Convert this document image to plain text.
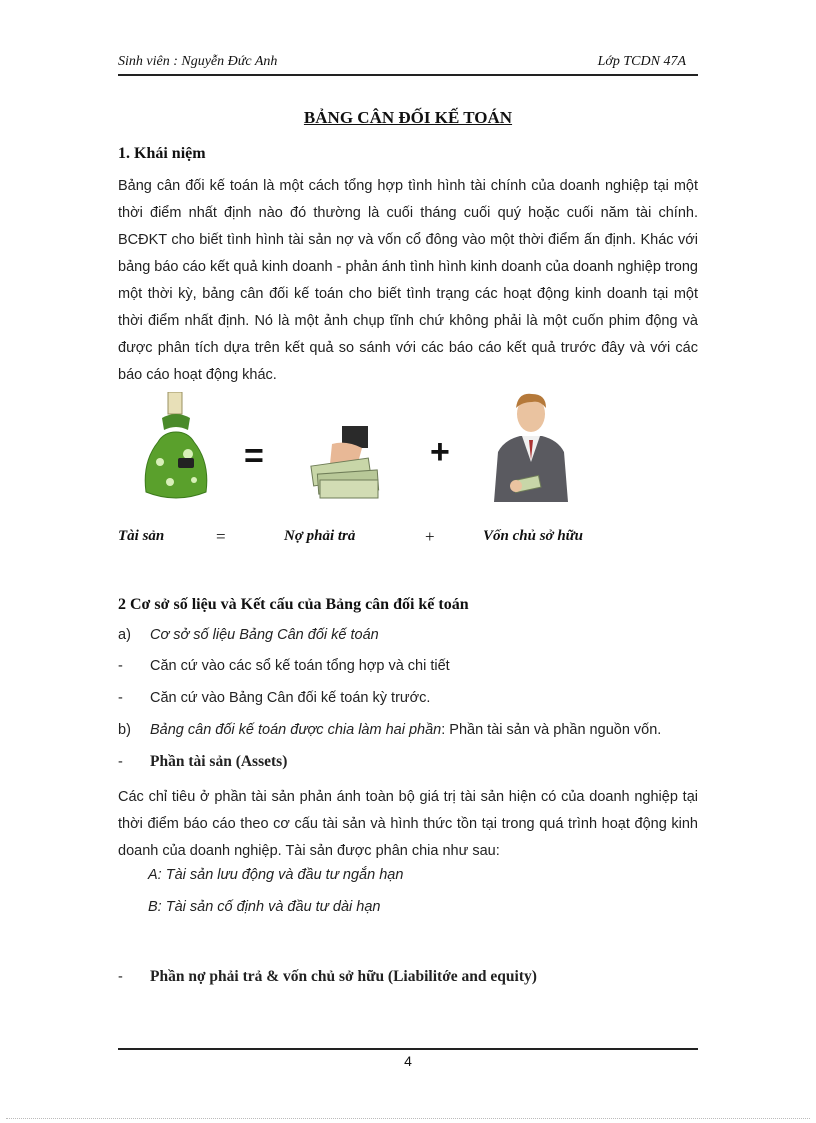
Sinh viên : Nguyễn Đức Anh	Lớp TCDN 47A
BẢNG CÂN ĐỐI KẾ TOÁN
1. Khái niệm
Bảng cân đối kế toán là một cách tổng hợp tình hình tài chính của doanh nghiệp tại một thời điểm nhất định nào đó thường là cuối tháng cuối quý hoặc cuối năm tài chính. BCĐKT cho biết tình hình tài sản nợ và vốn cổ đông vào một thời điểm ấn định. Khác với bảng báo cáo kết quả kinh doanh - phản ánh tình hình kinh doanh của doanh nghiệp trong một thời kỳ, bảng cân đối kế toán cho biết tình trạng các hoạt động kinh doanh tại một thời điểm nhất định. Nó là một ảnh chụp tĩnh chứ không phải là một cuốn phim động và được phân tích dựa trên kết quả so sánh với các báo cáo kết quả trước đây và với các báo cáo hoạt động khác.
=	+
Tài sản	=	Nợ phải trả	+	Vốn chủ sở hữu
2 Cơ sở số liệu và Kết cấu của Bảng cân đối kế toán
a) Cơ sở số liệu Bảng Cân đối kế toán
- Căn cứ vào các sổ kế toán tổng hợp và chi tiết
- Căn cứ vào Bảng Cân đối kế toán kỳ trước.
b) Bảng cân đối kế toán được chia làm hai phần: Phần tài sản và phần nguồn vốn.
- Phần tài sản (Assets)
Các chỉ tiêu ở phần tài sản phản ánh toàn bộ giá trị tài sản hiện có của doanh nghiệp tại thời điểm báo cáo theo cơ cấu tài sản và hình thức tồn tại trong quá trình hoạt động kinh doanh của doanh nghiệp. Tài sản được phân chia như sau:
A: Tài sản lưu động và đầu tư ngắn hạn
B: Tài sản cố định và đầu tư dài hạn
- Phần nợ phải trả & vốn chủ sở hữu (Liabilitớe and equity)
4
